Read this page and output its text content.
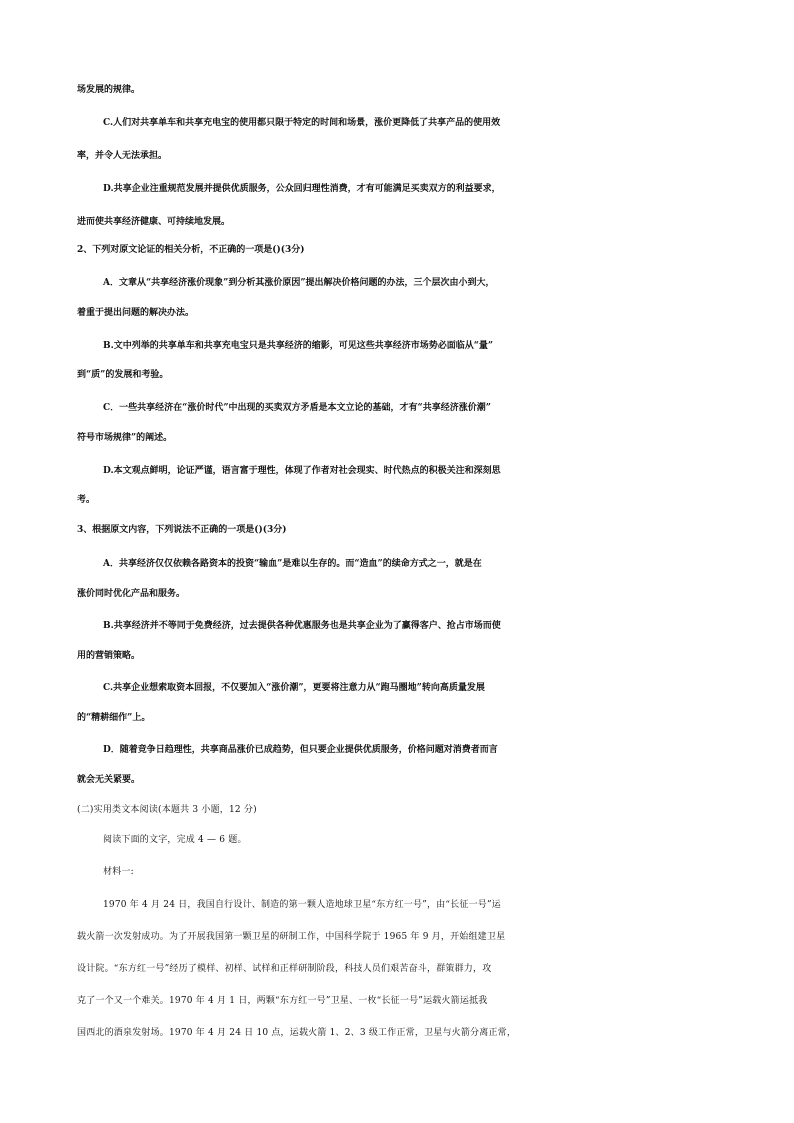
场发展的规律。
C.人们对共享单车和共享充电宝的使用都只限于特定的时间和场景，涨价更降低了共享产品的使用效
率，并令人无法承担。
D.共享企业注重规范发展并提供优质服务，公众回归理性消费，才有可能满足买卖双方的利益要求，
进而使共享经济健康、可持续地发展。
2、下列对原文论证的相关分析，不正确的一项是()(3分)
A．文章从“共享经济涨价现象”到分析其涨价原因”提出解决价格问题的办法，三个层次由小到大，
着重于提出问题的解决办法。
B.文中列举的共享单车和共享充电宝只是共享经济的缩影，可见这些共享经济市场势必面临从“量”
到“质”的发展和考验。
C．一些共享经济在“涨价时代”中出现的买卖双方矛盾是本文立论的基础，才有“共享经济涨价潮”
符号市场规律”的阐述。
D.本文观点鲜明，论证严谨，语言富于理性，体现了作者对社会现实、时代热点的积极关注和深刻思
考。
3、根据原文内容，下列说法不正确的一项是()(3分)
A．共享经济仅仅依赖各路资本的投资“输血”是难以生存的。而“造血”的续命方式之一，就是在
涨价同时优化产品和服务。
B.共享经济并不等同于免费经济，过去提供各种优惠服务也是共享企业为了赢得客户、抢占市场而使
用的营销策略。
C.共享企业想索取资本回报，不仅要加入“涨价潮”，更要将注意力从“跑马圈地”转向高质量发展
的“精耕细作”上。
D．随着竞争日趋理性，共享商品涨价已成趋势，但只要企业提供优质服务，价格问题对消费者而言
就会无关紧要。
(二)实用类文本阅读(本题共 3 小题，12 分)
阅读下面的文字，完成 4 — 6 题。
材料一:
1970 年 4 月 24 日，我国自行设计、制造的第一颗人造地球卫星“东方红一号”，由“长征一号”运
载火箭一次发射成功。为了开展我国第一颗卫星的研制工作，中国科学院于 1965 年 9 月，开始组建卫星
设计院。“东方红一号”经历了模样、初样、试样和正样研制阶段，科技人员们艰苦奋斗，群策群力，攻
克了一个又一个难关。1970 年 4 月 1 日，两颗“东方红一号”卫星、一枚“长征一号”运载火箭运抵我
国西北的酒泉发射场。1970 年 4 月 24 日 10 点，运载火箭 1、2、3 级工作正常，卫星与火箭分离正常，
